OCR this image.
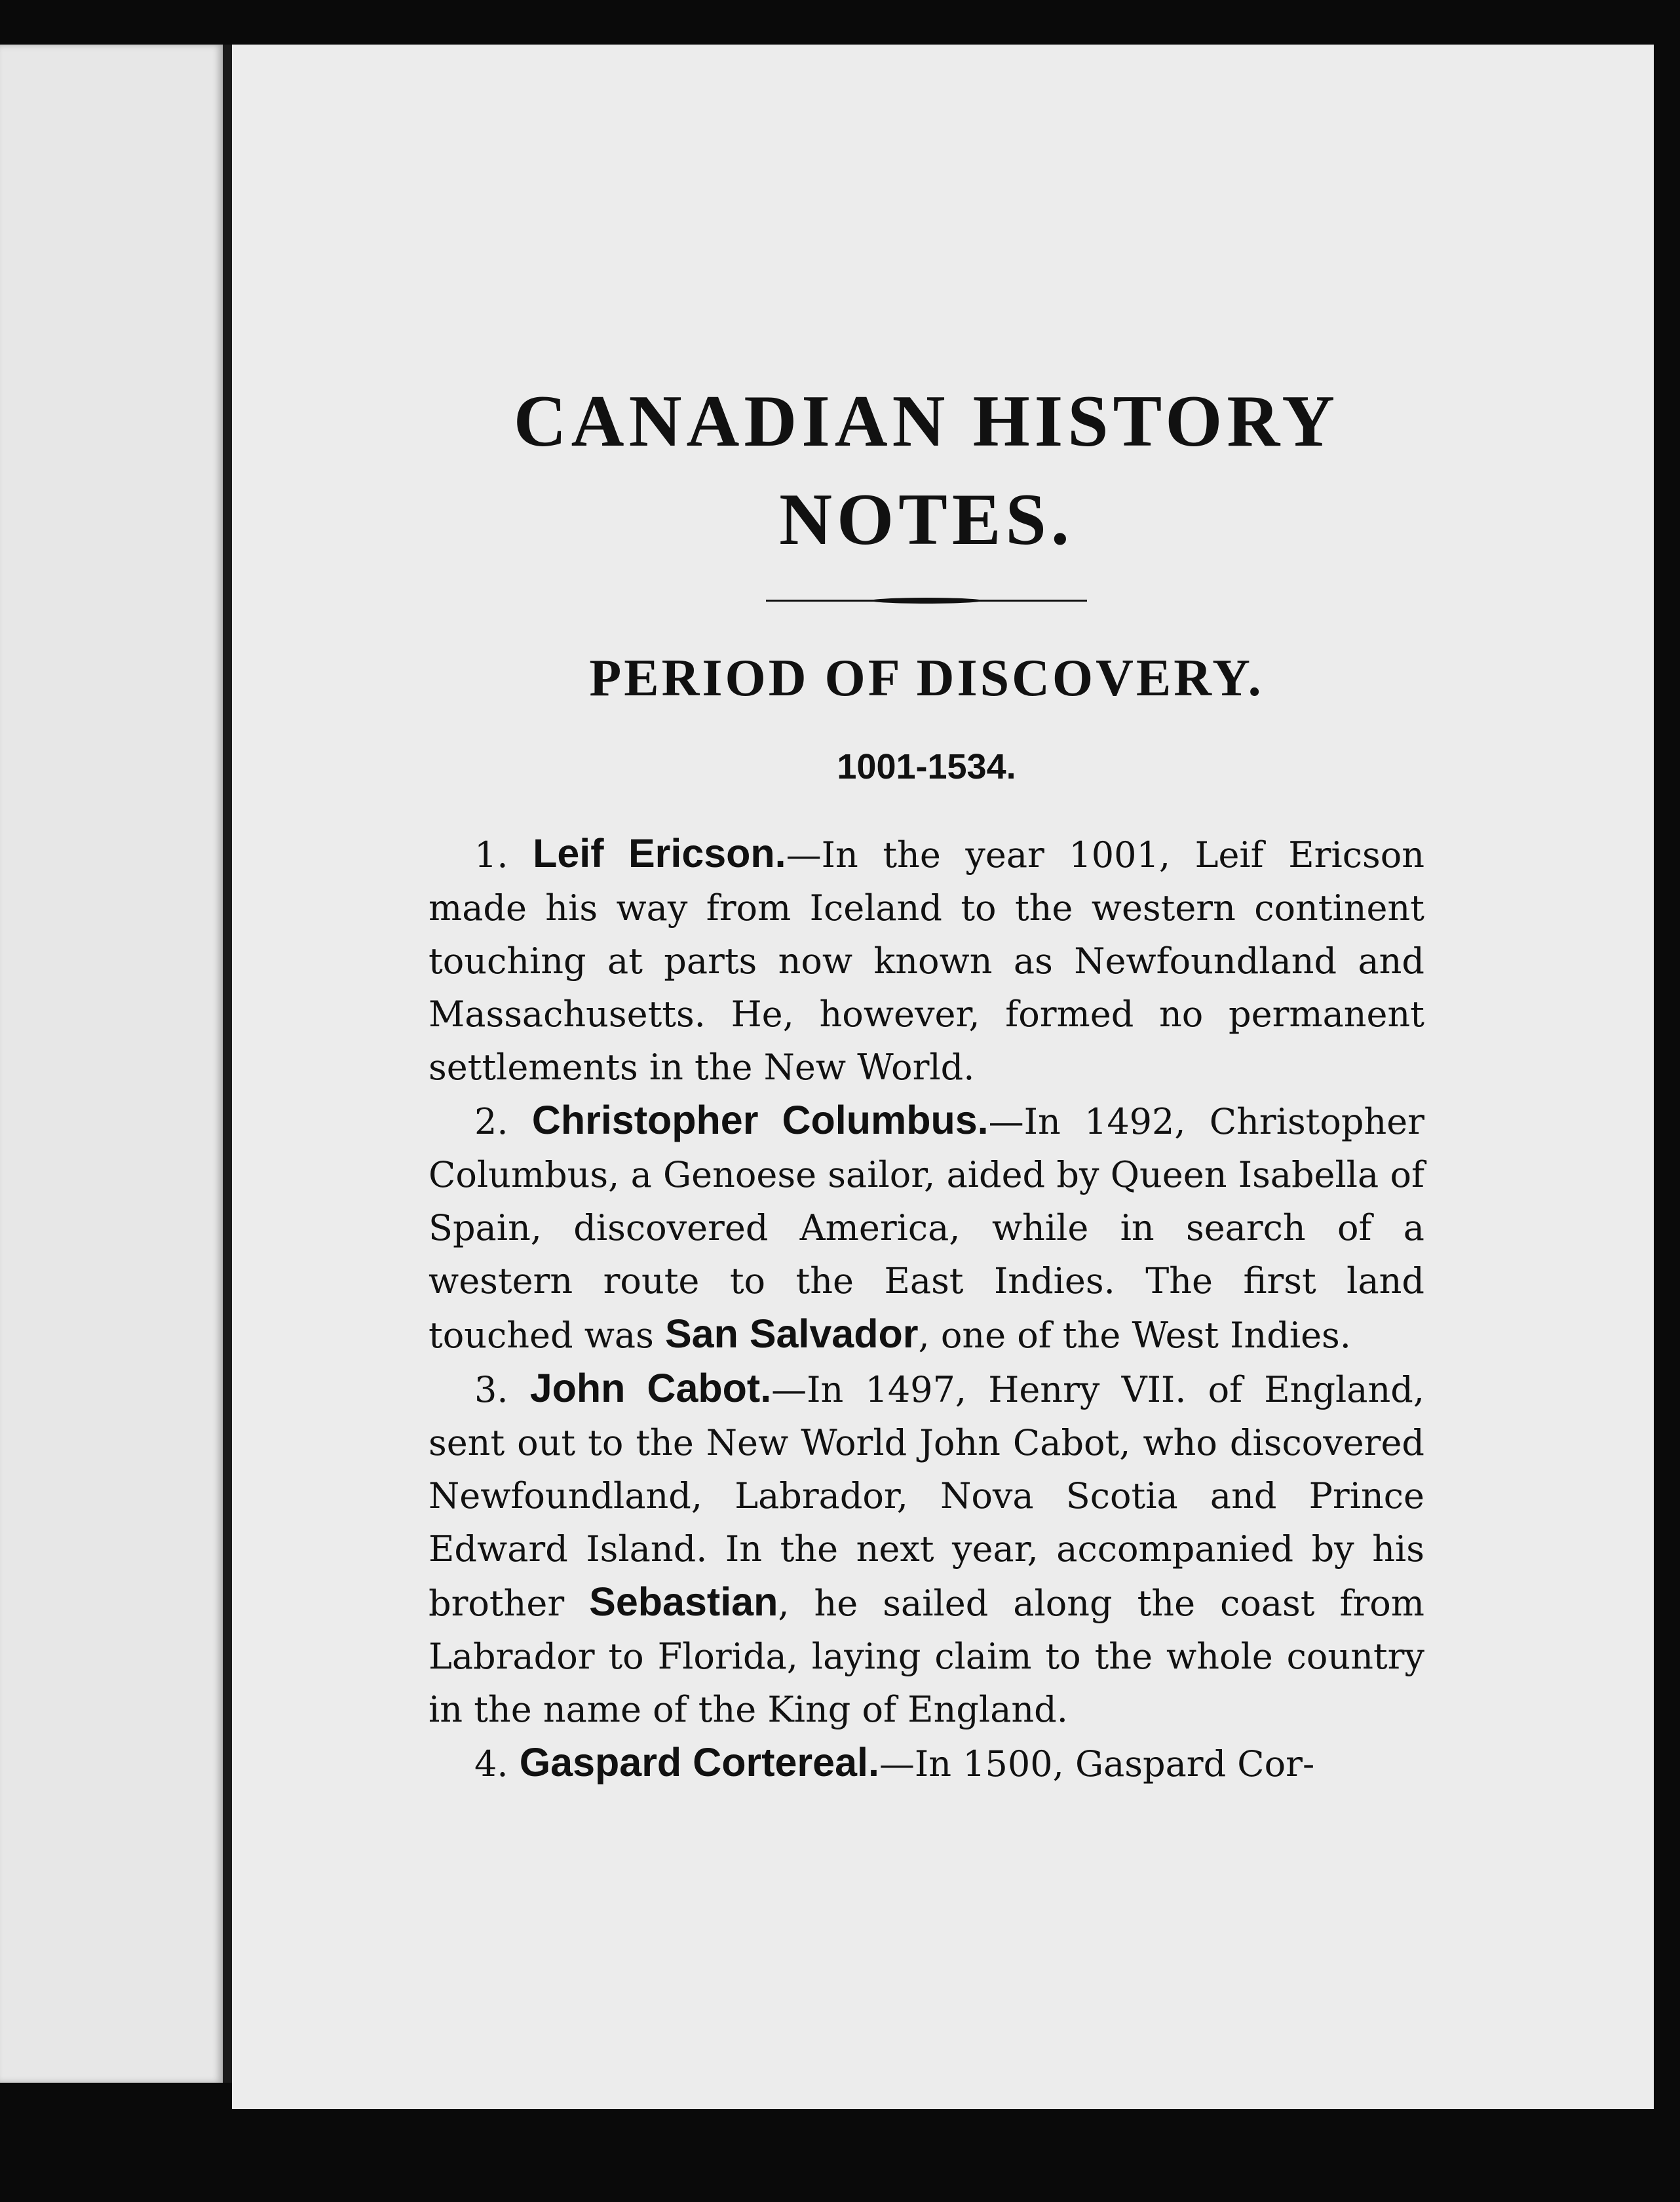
CANADIAN HISTORY NOTES.
PERIOD OF DISCOVERY.
1001-1534.

1. Leif Ericson.—In the year 1001, Leif Ericson made his way from Iceland to the western continent touching at parts now known as Newfoundland and Massachusetts. He, however, formed no permanent settlements in the New World.

2. Christopher Columbus.—In 1492, Christopher Columbus, a Genoese sailor, aided by Queen Isabella of Spain, discovered America, while in search of a western route to the East Indies. The first land touched was San Salvador, one of the West Indies.

3. John Cabot.—In 1497, Henry VII. of England, sent out to the New World John Cabot, who discovered Newfoundland, Labrador, Nova Scotia and Prince Edward Island. In the next year, accompanied by his brother Sebastian, he sailed along the coast from Labrador to Florida, laying claim to the whole country in the name of the King of England.

4. Gaspard Cortereal.—In 1500, Gaspard Cor-
